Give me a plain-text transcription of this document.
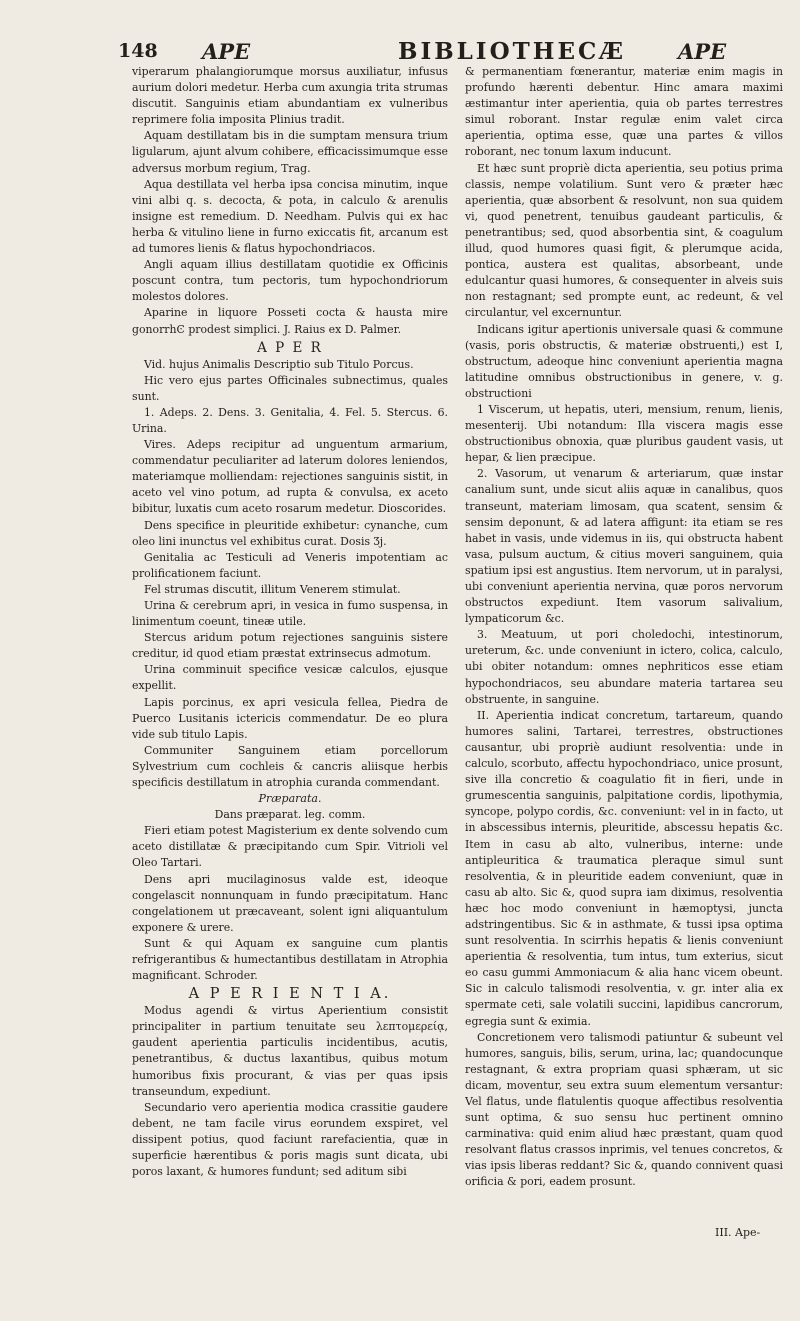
148 APE	BIBLIOTHECÆ APE

viperarum phalangiorumque morsus auxiliatur, infusus aurium dolori medetur. Herba cum axungia trita strumas discutit. Sanguinis etiam abundantiam ex vulneribus reprimere folia imposita Plinius tradit.

Aquam destillatam bis in die sumptam mensura trium ligularum, ajunt alvum cohibere, efficacissimumque esse adversus morbum regium, Trag.

Aqua destillata vel herba ipsa concisa minutim, inque vini albi q. s. decocta, & pota, in calculo & arenulis insigne est remedium. D. Needham. Pulvis qui ex hac herba & vitulino liene in furno exiccatis fit, arcanum est ad tumores lienis & flatus hypochondriacos.

Angli aquam illius destillatam quotidie ex Officinis poscunt contra, tum pectoris, tum hypochondriorum molestos dolores.

Aparine in liquore Posseti cocta & hausta mire gonorrhϾ prodest simplici. J. Raius ex D. Palmer.

A P E R

Vid. hujus Animalis Descriptio sub Titulo Porcus.

Hic vero ejus partes Officinales subnectimus, quales sunt.

1. Adeps. 2. Dens. 3. Genitalia, 4. Fel. 5. Stercus. 6. Urina.

Vires. Adeps recipitur ad unguentum armarium, commendatur peculiariter ad laterum dolores leniendos, materiamque molliendam: rejectiones sanguinis sistit, in aceto vel vino potum, ad rupta & convulsa, ex aceto bibitur, luxatis cum aceto rosarum medetur. Dioscorides.

Dens specifice in pleuritide exhibetur: cynanche, cum oleo lini inunctus vel exhibitus curat. Dosis Ʒj.

Genitalia ac Testiculi ad Veneris impotentiam ac prolificationem faciunt.

Fel strumas discutit, illitum Venerem stimulat.

Urina & cerebrum apri, in vesica in fumo suspensa, in linimentum coeunt, tineæ utile.

Stercus aridum potum rejectiones sanguinis sistere creditur, id quod etiam præstat extrinsecus admotum.

Urina comminuit specifice vesicæ calculos, ejusque expellit.

Lapis porcinus, ex apri vesicula fellea, Piedra de Puerco Lusitanis ictericis commendatur. De eo plura vide sub titulo Lapis.

Communiter Sanguinem etiam porcellorum Sylvestrium cum cochleis & cancris aliisque herbis specificis destillatum in atrophia curanda commendant.

Præparata.

Dans præparat. leg. comm.

Fieri etiam potest Magisterium ex dente solvendo cum aceto distillatæ & præcipitando cum Spir. Vitrioli vel Oleo Tartari.

Dens apri mucilaginosus valde est, ideoque congelascit nonnunquam in fundo præcipitatum. Hanc congelationem ut præcaveant, solent igni aliquantulum exponere & urere.

Sunt & qui Aquam ex sanguine cum plantis refrigerantibus & humectantibus destillatam in Atrophia magnificant. Schroder.

A P E R I E N T I A.

Modus agendi & virtus Aperientium consistit principaliter in partium tenuitate seu λεπτομερείᾳ, gaudent aperientia particulis incidentibus, acutis, penetrantibus, & ductus laxantibus, quibus motum humoribus fixis procurant, & vias per quas ipsis transeundum, expediunt.

Secundario vero aperientia modica crassitie gaudere debent, ne tam facile virus eorundem exspiret, vel dissipent potius, quod faciunt rarefacientia, quæ in superficie hærentibus & poris magis sunt dicata, ubi poros laxant, & humores fundunt; sed aditum sibi

& permanentiam fœnerantur, materiæ enim magis in profundo hærenti debentur. Hinc amara maximi æstimantur inter aperientia, quia ob partes terrestres simul roborant. Instar regulæ enim valet circa aperientia, optima esse, quæ una partes & villos roborant, nec tonum laxum inducunt.

Et hæc sunt propriè dicta aperientia, seu potius prima classis, nempe volatilium. Sunt vero & præter hæc aperientia, quæ absorbent & resolvunt, non sua quidem vi, quod penetrent, tenuibus gaudeant particulis, & penetrantibus; sed, quod absorbentia sint, & coagulum illud, quod humores quasi figit, & plerumque acida, pontica, austera est qualitas, absorbeant, unde edulcantur quasi humores, & consequenter in alveis suis non restagnant; sed prompte eunt, ac redeunt, & vel circulantur, vel excernuntur.

Indicans igitur apertionis universale quasi & commune (vasis, poris obstructis, & materiæ obstruenti,) est I, obstructum, adeoque hinc conveniunt aperientia magna latitudine omnibus obstructionibus in genere, v. g. obstructioni

1 Viscerum, ut hepatis, uteri, mensium, renum, lienis, mesenterij. Ubi notandum: Illa viscera magis esse obstructionibus obnoxia, quæ pluribus gaudent vasis, ut hepar, & lien præcipue.

2. Vasorum, ut venarum & arteriarum, quæ instar canalium sunt, unde sicut aliis aquæ in canalibus, quos transeunt, materiam limosam, qua scatent, sensim & sensim deponunt, & ad latera affigunt: ita etiam se res habet in vasis, unde videmus in iis, qui obstructa habent vasa, pulsum auctum, & citius moveri sanguinem, quia spatium ipsi est angustius. Item nervorum, ut in paralysi, ubi conveniunt aperientia nervina, quæ poros nervorum obstructos expediunt. Item vasorum salivalium, lympaticorum &c.

3. Meatuum, ut pori choledochi, intestinorum, ureterum, &c. unde conveniunt in ictero, colica, calculo, ubi obiter notandum: omnes nephriticos esse etiam hypochondriacos, seu abundare materia tartarea seu obstruente, in sanguine.

II. Aperientia indicat concretum, tartareum, quando humores salini, Tartarei, terrestres, obstructiones causantur, ubi propriè audiunt resolventia: unde in calculo, scorbuto, affectu hypochondriaco, unice prosunt, sive illa concretio & coagulatio fit in fieri, unde in grumescentia sanguinis, palpitatione cordis, lipothymia, syncope, polypo cordis, &c. conveniunt: vel in in facto, ut in abscessibus internis, pleuritide, abscessu hepatis &c. Item in casu ab alto, vulneribus, interne: unde antipleuritica & traumatica pleraque simul sunt resolventia, & in pleuritide eadem conveniunt, quæ in casu ab alto. Sic &, quod supra iam diximus, resolventia hæc hoc modo conveniunt in hæmoptysi, juncta adstringentibus. Sic & in asthmate, & tussi ipsa optima sunt resolventia. In scirrhis hepatis & lienis conveniunt aperientia & resolventia, tum intus, tum exterius, sicut eo casu gummi Ammoniacum & alia hanc vicem obeunt. Sic in calculo talismodi resolventia, v. gr. inter alia ex spermate ceti, sale volatili succini, lapidibus cancrorum, egregia sunt & eximia.

Concretionem vero talismodi patiuntur & subeunt vel humores, sanguis, bilis, serum, urina, lac; quandocunque restagnant, & extra propriam quasi sphæram, ut sic dicam, moventur, seu extra suum elementum versantur: Vel flatus, unde flatulentis quoque affectibus resolventia sunt optima, & suo sensu huc pertinent omnino carminativa: quid enim aliud hæc præstant, quam quod resolvant flatus crassos inprimis, vel tenues concretos, & vias ipsis liberas reddant? Sic &, quando connivent quasi orificia & pori, eadem prosunt.

III. Ape-
